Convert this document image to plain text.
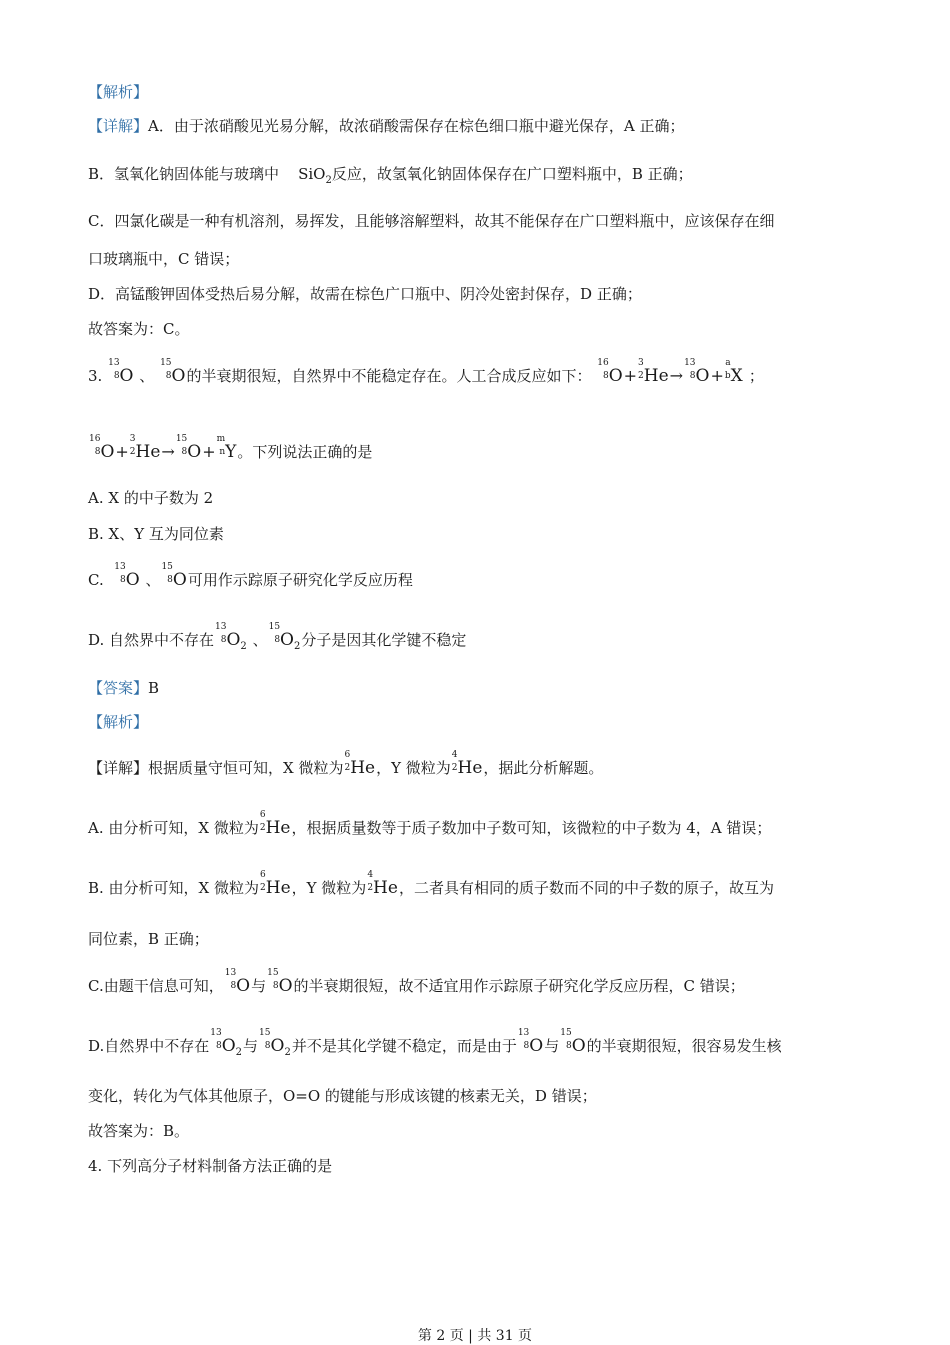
【解析】
【详解】A．由于浓硝酸见光易分解，故浓硝酸需保存在棕色细口瓶中避光保存，A 正确；
B．氢氧化钠固体能与玻璃中 SiO$_2$反应，故氢氧化钠固体保存在广口塑料瓶中，B 正确；
C．四氯化碳是一种有机溶剂，易挥发，且能够溶解塑料，故其不能保存在广口塑料瓶中，应该保存在细
口玻璃瓶中，C 错误；
D．高锰酸钾固体受热后易分解，故需在棕色广口瓶中、阴冷处密封保存，D 正确；
故答案为：C。
3.
13
8 O 、
15
8 O的半衰期很短，自然界中不能稳定存在。人工合成反应如下：
16
8 O+
3
2 He→
13
8 O+
a
b X ；
16
8 O+
3
2 He→
15
8 O+
m
n Y。下列说法正确的是
A. X 的中子数为 2
B. X、Y 互为同位素
C.
13
8 O 、
15
8 O可用作示踪原子研究化学反应历程
D. 自然界中不存在
13
8 $O_2$ 、
15
8 $O_2$分子是因其化学键不稳定
【答案】B
【解析】
【详解】根据质量守恒可知，X 微粒为
6
2 He，Y 微粒为
4
2 He，据此分析解题。
A. 由分析可知，X 微粒为
6
2 He，根据质量数等于质子数加中子数可知，该微粒的中子数为 4，A 错误；
B. 由分析可知，X 微粒为
6
2 He，Y 微粒为
4
2 He，二者具有相同的质子数而不同的中子数的原子，故互为
同位素，B 正确；
C.由题干信息可知，
13
8 O与
15
8 O的半衰期很短，故不适宜用作示踪原子研究化学反应历程，C 错误；
D.自然界中不存在
13
8 $O_2$与
15
8 $O_2$并不是其化学键不稳定，而是由于
13
8 O与
15
8 O的半衰期很短，很容易发生核
变化，转化为气体其他原子，O=O 的键能与形成该键的核素无关，D 错误；
故答案为：B。
4. 下列高分子材料制备方法正确的是
第 2 页 | 共 31 页
